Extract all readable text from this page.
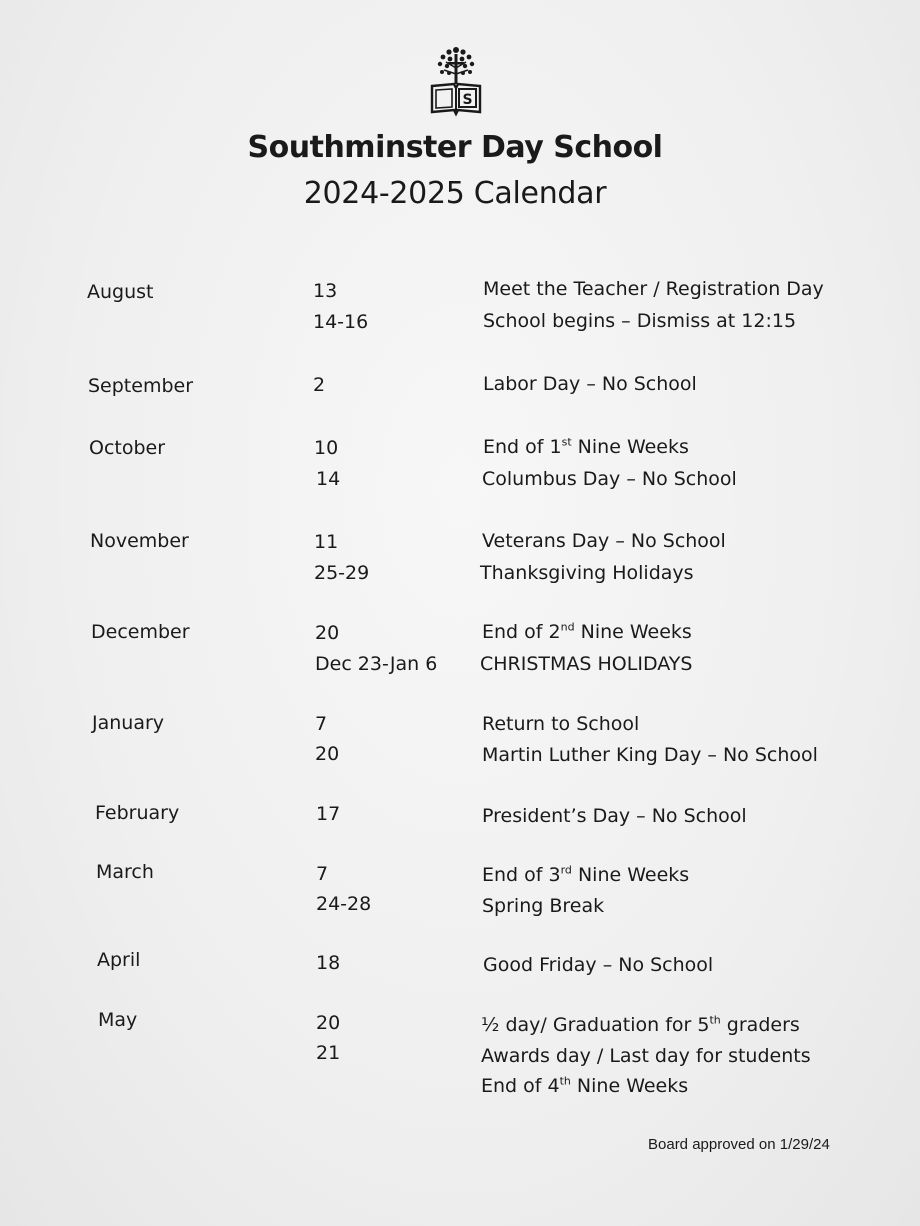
S
Southminster Day School
2024-2025 Calendar
August	13	Meet the Teacher / Registration Day
14-16	School begins – Dismiss at 12:15
September	2	Labor Day – No School
October	10	End of 1st Nine Weeks
14	Columbus Day – No School
November	11	Veterans Day – No School
25-29	Thanksgiving Holidays
December	20	End of 2nd Nine Weeks
Dec 23-Jan 6 CHRISTMAS HOLIDAYS
January	7	Return to School
20	Martin Luther King Day – No School
February	17	President’s Day – No School
March	7	End of 3rd Nine Weeks
24-28	Spring Break
April	18	Good Friday – No School
May	20	½ day/ Graduation for 5th graders
21	Awards day / Last day for students
End of 4th Nine Weeks
Board approved on 1/29/24
